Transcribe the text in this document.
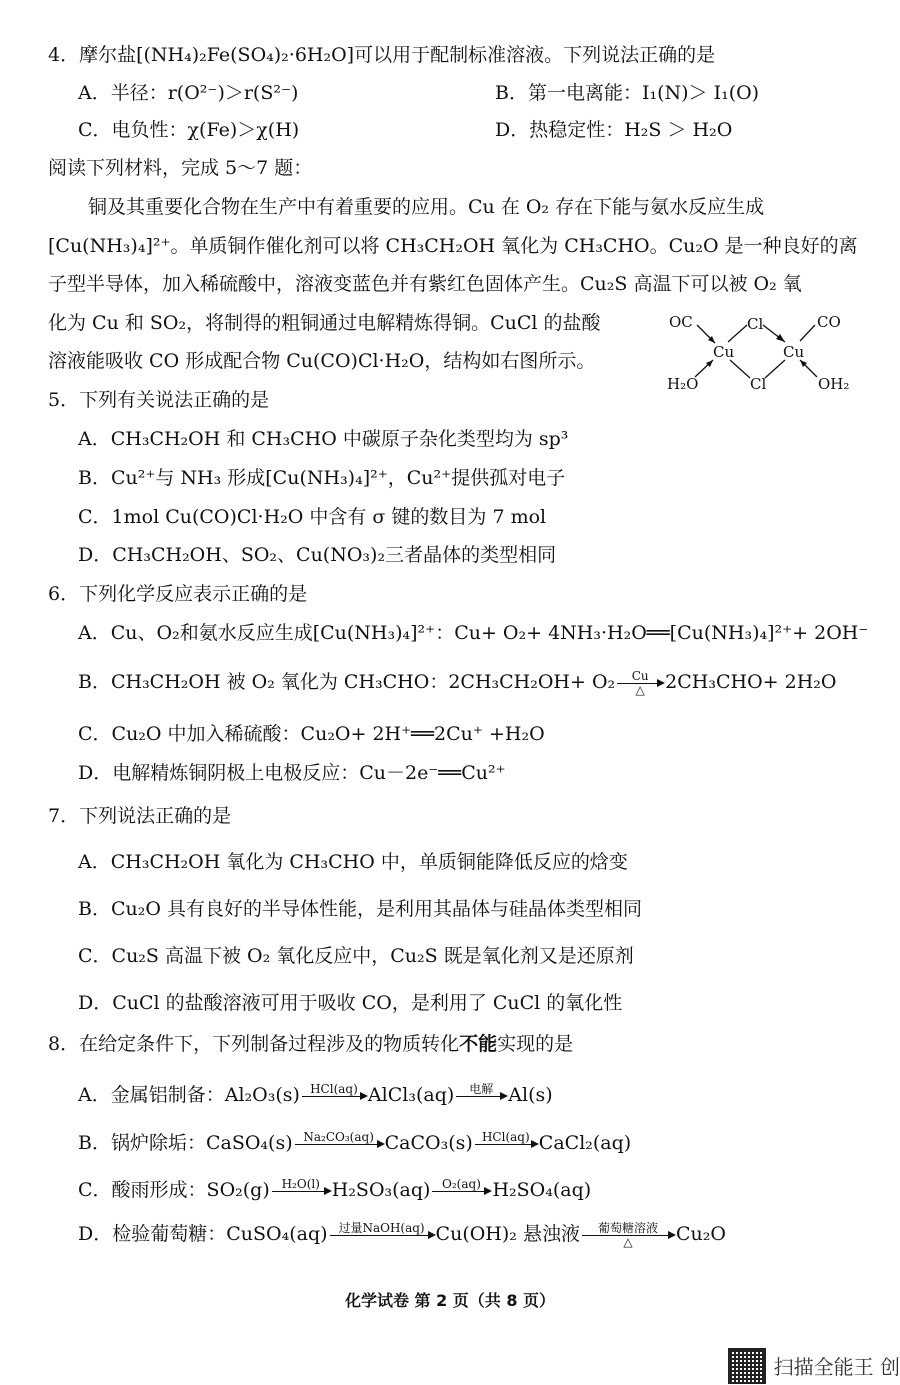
4．摩尔盐[(NH₄)₂Fe(SO₄)₂·6H₂O]可以用于配制标准溶液。下列说法正确的是
A．半径：r(O²⁻)＞r(S²⁻)	B．第一电离能：I₁(N)＞ I₁(O)
C．电负性：χ(Fe)＞χ(H)	D．热稳定性：H₂S ＞ H₂O
阅读下列材料，完成 5～7 题：
铜及其重要化合物在生产中有着重要的应用。Cu 在 O₂ 存在下能与氨水反应生成
[Cu(NH₃)₄]²⁺。单质铜作催化剂可以将 CH₃CH₂OH 氧化为 CH₃CHO。Cu₂O 是一种良好的离
子型半导体，加入稀硫酸中，溶液变蓝色并有紫红色固体产生。Cu₂S 高温下可以被 O₂ 氧
化为 Cu 和 SO₂，将制得的粗铜通过电解精炼得铜。CuCl 的盐酸
溶液能吸收 CO 形成配合物 Cu(CO)Cl·H₂O，结构如右图所示。
OC	Cl	CO
Cu	Cu
H₂O	Cl	OH₂
5．下列有关说法正确的是
A．CH₃CH₂OH 和 CH₃CHO 中碳原子杂化类型均为 sp³
B．Cu²⁺与 NH₃ 形成[Cu(NH₃)₄]²⁺，Cu²⁺提供孤对电子
C．1mol Cu(CO)Cl·H₂O 中含有 σ 键的数目为 7 mol
D．CH₃CH₂OH、SO₂、Cu(NO₃)₂三者晶体的类型相同
6．下列化学反应表示正确的是
A．Cu、O₂和氨水反应生成[Cu(NH₃)₄]²⁺：Cu+ O₂+ 4NH₃·H₂O══[Cu(NH₃)₄]²⁺+ 2OH⁻
B．CH₃CH₂OH 被 O₂ 氧化为 CH₃CHO：2CH₃CH₂OH+ O₂	Cu
△	2CH₃CHO+ 2H₂O
C．Cu₂O 中加入稀硫酸：Cu₂O+ 2H⁺══2Cu⁺ +H₂O
D．电解精炼铜阴极上电极反应：Cu－2e⁻══Cu²⁺
7．下列说法正确的是
A．CH₃CH₂OH 氧化为 CH₃CHO 中，单质铜能降低反应的焓变
B．Cu₂O 具有良好的半导体性能，是利用其晶体与硅晶体类型相同
C．Cu₂S 高温下被 O₂ 氧化反应中，Cu₂S 既是氧化剂又是还原剂
D．CuCl 的盐酸溶液可用于吸收 CO，是利用了 CuCl 的氧化性
8．在给定条件下，下列制备过程涉及的物质转化不能实现的是
A．金属铝制备：Al₂O₃(s) HCl(aq)
AlCl₃(aq)	电解
Al(s)
B．锅炉除垢：CaSO₄(s) Na₂CO₃(aq)
CaCO₃(s) HCl(aq)
CaCl₂(aq)
C．酸雨形成：SO₂(g) H₂O(l)
H₂SO₃(aq) O₂(aq)
H₂SO₄(aq)
D．检验葡萄糖：CuSO₄(aq) 过量NaOH(aq)
Cu(OH)₂ 悬浊液	葡萄糖溶液
△	Cu₂O
化学试卷 第 2 页（共 8 页）
扫描全能王 创
